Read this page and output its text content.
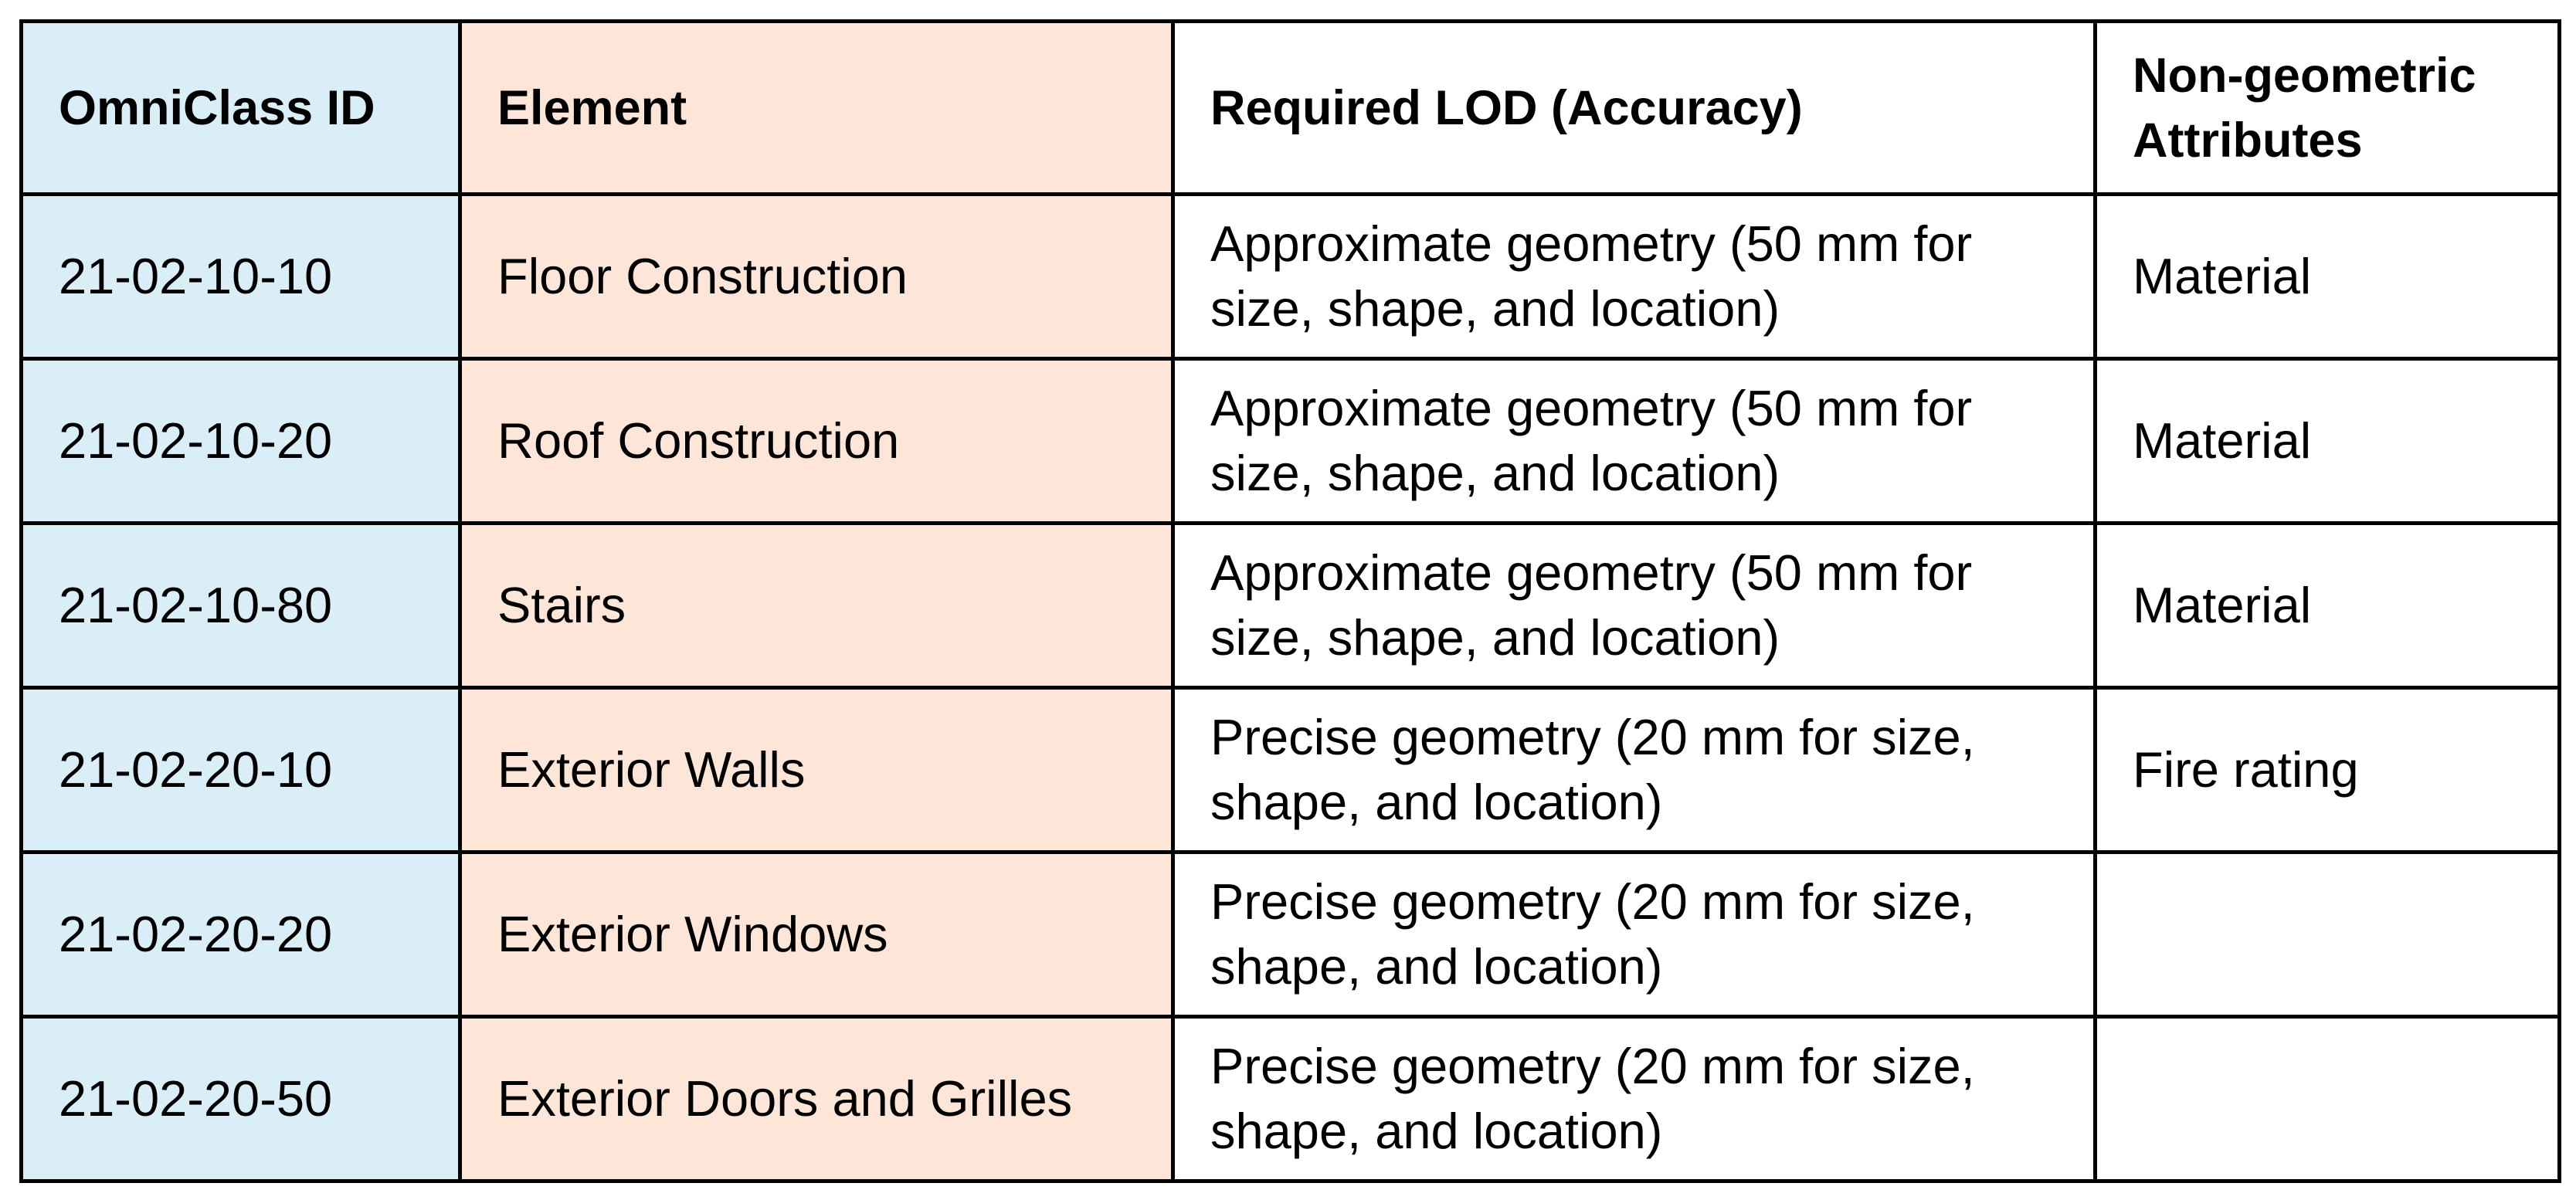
OmniClass ID	Element	Required LOD (Accuracy)	Non-geometric Attributes
21-02-10-10	Floor Construction	Approximate geometry (50 mm for size, shape, and location)	Material
21-02-10-20	Roof Construction	Approximate geometry (50 mm for size, shape, and location)	Material
21-02-10-80	Stairs	Approximate geometry (50 mm for size, shape, and location)	Material
21-02-20-10	Exterior Walls	Precise geometry (20 mm for size, shape, and location)	Fire rating
21-02-20-20	Exterior Windows	Precise geometry (20 mm for size, shape, and location)	
21-02-20-50	Exterior Doors and Grilles	Precise geometry (20 mm for size, shape, and location)	
